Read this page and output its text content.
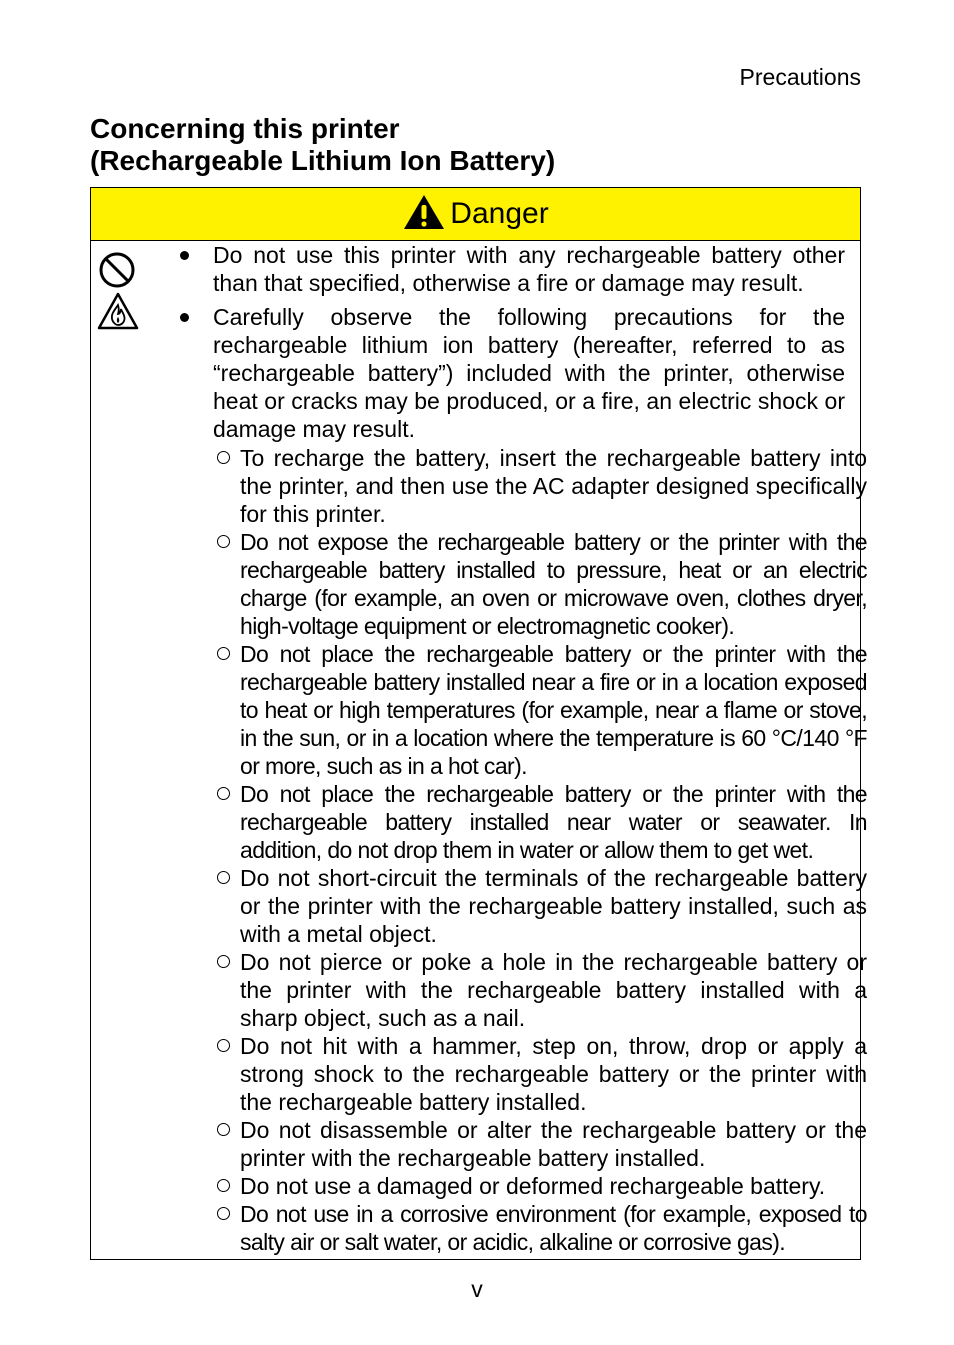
Precautions
Concerning this printer
(Rechargeable Lithium Ion Battery)
Danger
Do not use this printer with any rechargeable battery other than that specified, otherwise a fire or damage may result.
Carefully observe the following precautions for the rechargeable lithium ion battery (hereafter, referred to as “rechargeable battery”) included with the printer, otherwise heat or cracks may be produced, or a fire, an electric shock or damage may result.
To recharge the battery, insert the rechargeable battery into the printer, and then use the AC adapter designed specifically for this printer.
Do not expose the rechargeable battery or the printer with the rechargeable battery installed to pressure, heat or an electric charge (for example, an oven or microwave oven, clothes dryer, high-voltage equipment or electromagnetic cooker).
Do not place the rechargeable battery or the printer with the rechargeable battery installed near a fire or in a location exposed to heat or high temperatures (for example, near a flame or stove, in the sun, or in a location where the temperature is 60 °C/140 °F or more, such as in a hot car).
Do not place the rechargeable battery or the printer with the rechargeable battery installed near water or seawater. In addition, do not drop them in water or allow them to get wet.
Do not short-circuit the terminals of the rechargeable battery or the printer with the rechargeable battery installed, such as with a metal object.
Do not pierce or poke a hole in the rechargeable battery or the printer with the rechargeable battery installed with a sharp object, such as a nail.
Do not hit with a hammer, step on, throw, drop or apply a strong shock to the rechargeable battery or the printer with the rechargeable battery installed.
Do not disassemble or alter the rechargeable battery or the printer with the rechargeable battery installed.
Do not use a damaged or deformed rechargeable battery.
Do not use in a corrosive environment (for example, exposed to salty air or salt water, or acidic, alkaline or corrosive gas).
v
